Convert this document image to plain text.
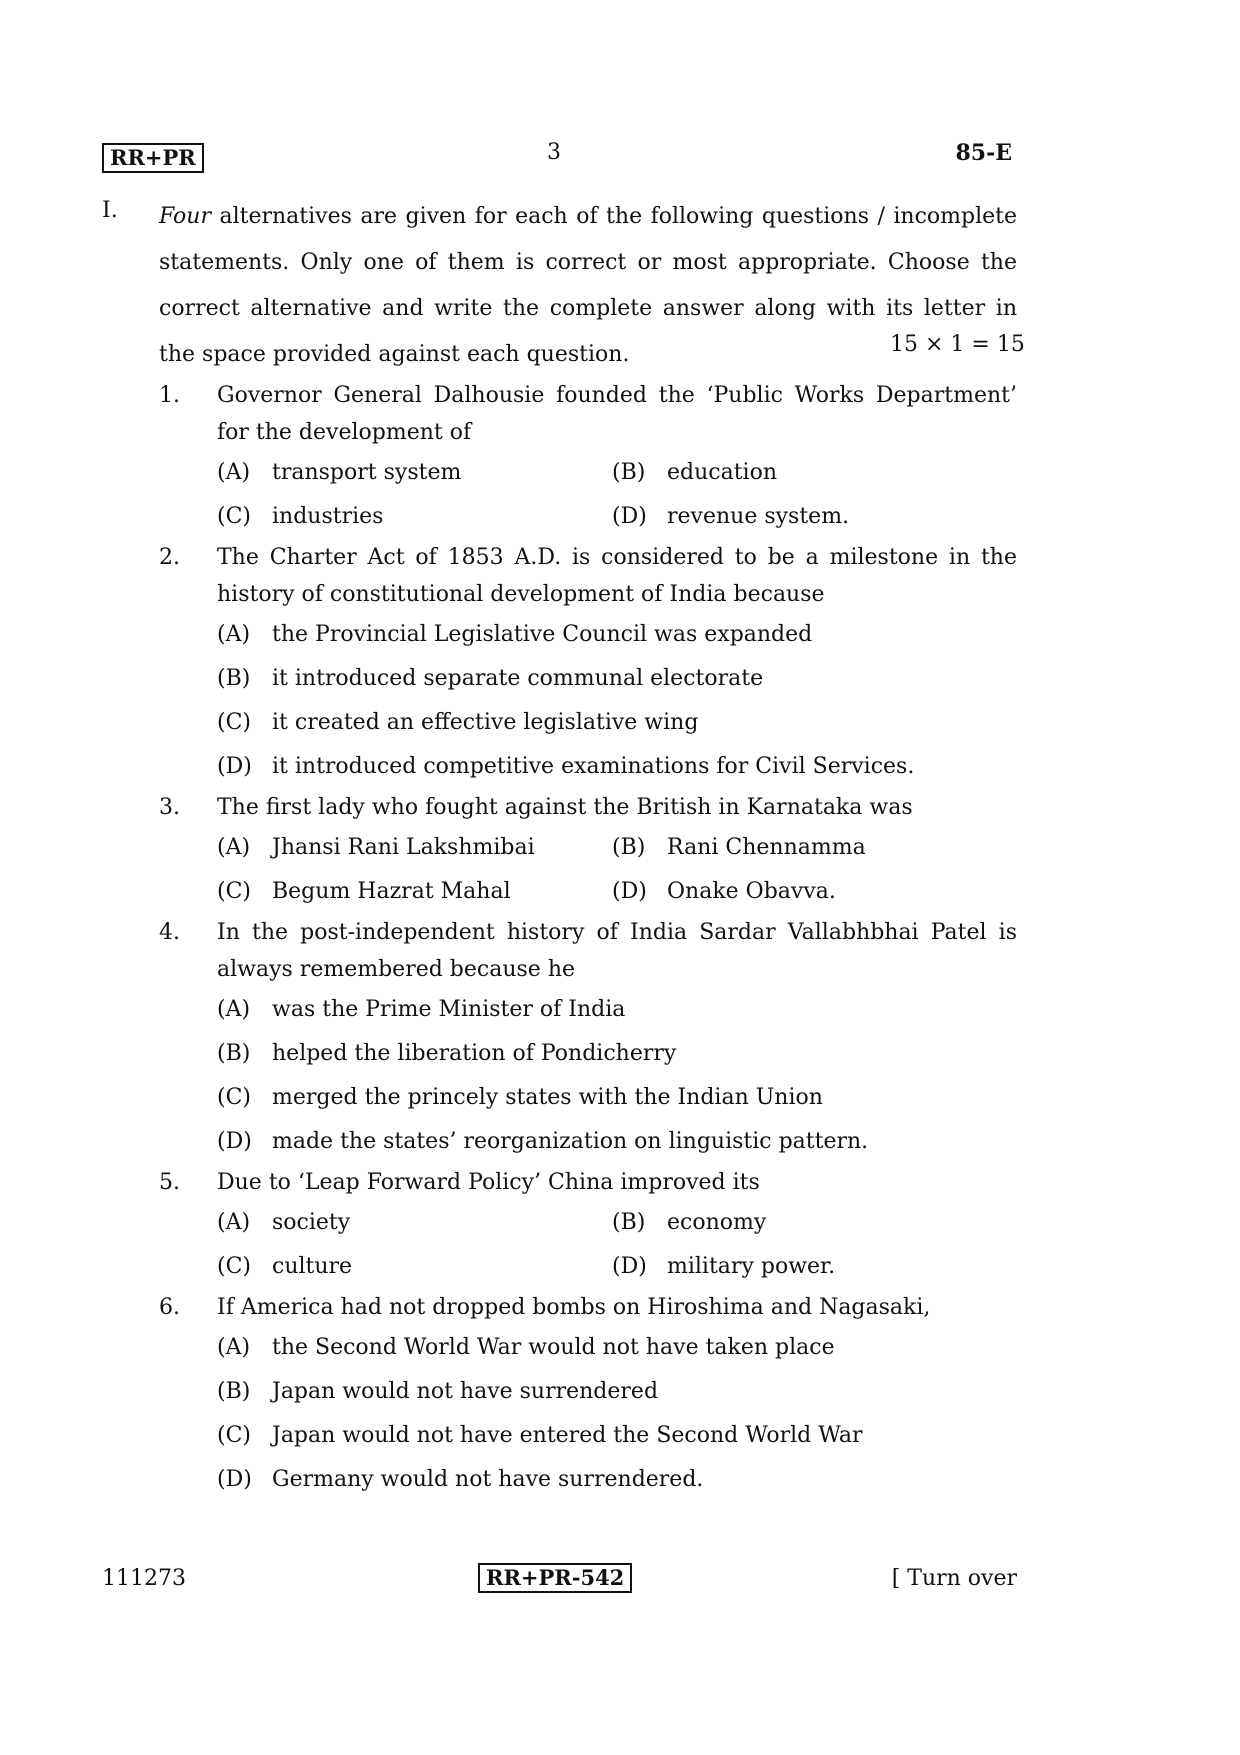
RR+PR	3	85-E
I. Four alternatives are given for each of the following questions / incomplete statements. Only one of them is correct or most appropriate. Choose the correct alternative and write the complete answer along with its letter in the space provided against each question.	15 × 1 = 15
1. Governor General Dalhousie founded the ‘Public Works Department’ for the development of
(A) transport system	(B) education
(C) industries	(D) revenue system.
2. The Charter Act of 1853 A.D. is considered to be a milestone in the history of constitutional development of India because
(A) the Provincial Legislative Council was expanded
(B) it introduced separate communal electorate
(C) it created an effective legislative wing
(D) it introduced competitive examinations for Civil Services.
3. The first lady who fought against the British in Karnataka was
(A) Jhansi Rani Lakshmibai	(B) Rani Chennamma
(C) Begum Hazrat Mahal	(D) Onake Obavva.
4. In the post-independent history of India Sardar Vallabhbhai Patel is always remembered because he
(A) was the Prime Minister of India
(B) helped the liberation of Pondicherry
(C) merged the princely states with the Indian Union
(D) made the states’ reorganization on linguistic pattern.
5. Due to ‘Leap Forward Policy’ China improved its
(A) society	(B) economy
(C) culture	(D) military power.
6. If America had not dropped bombs on Hiroshima and Nagasaki,
(A) the Second World War would not have taken place
(B) Japan would not have surrendered
(C) Japan would not have entered the Second World War
(D) Germany would not have surrendered.
111273	RR+PR-542	[ Turn over
